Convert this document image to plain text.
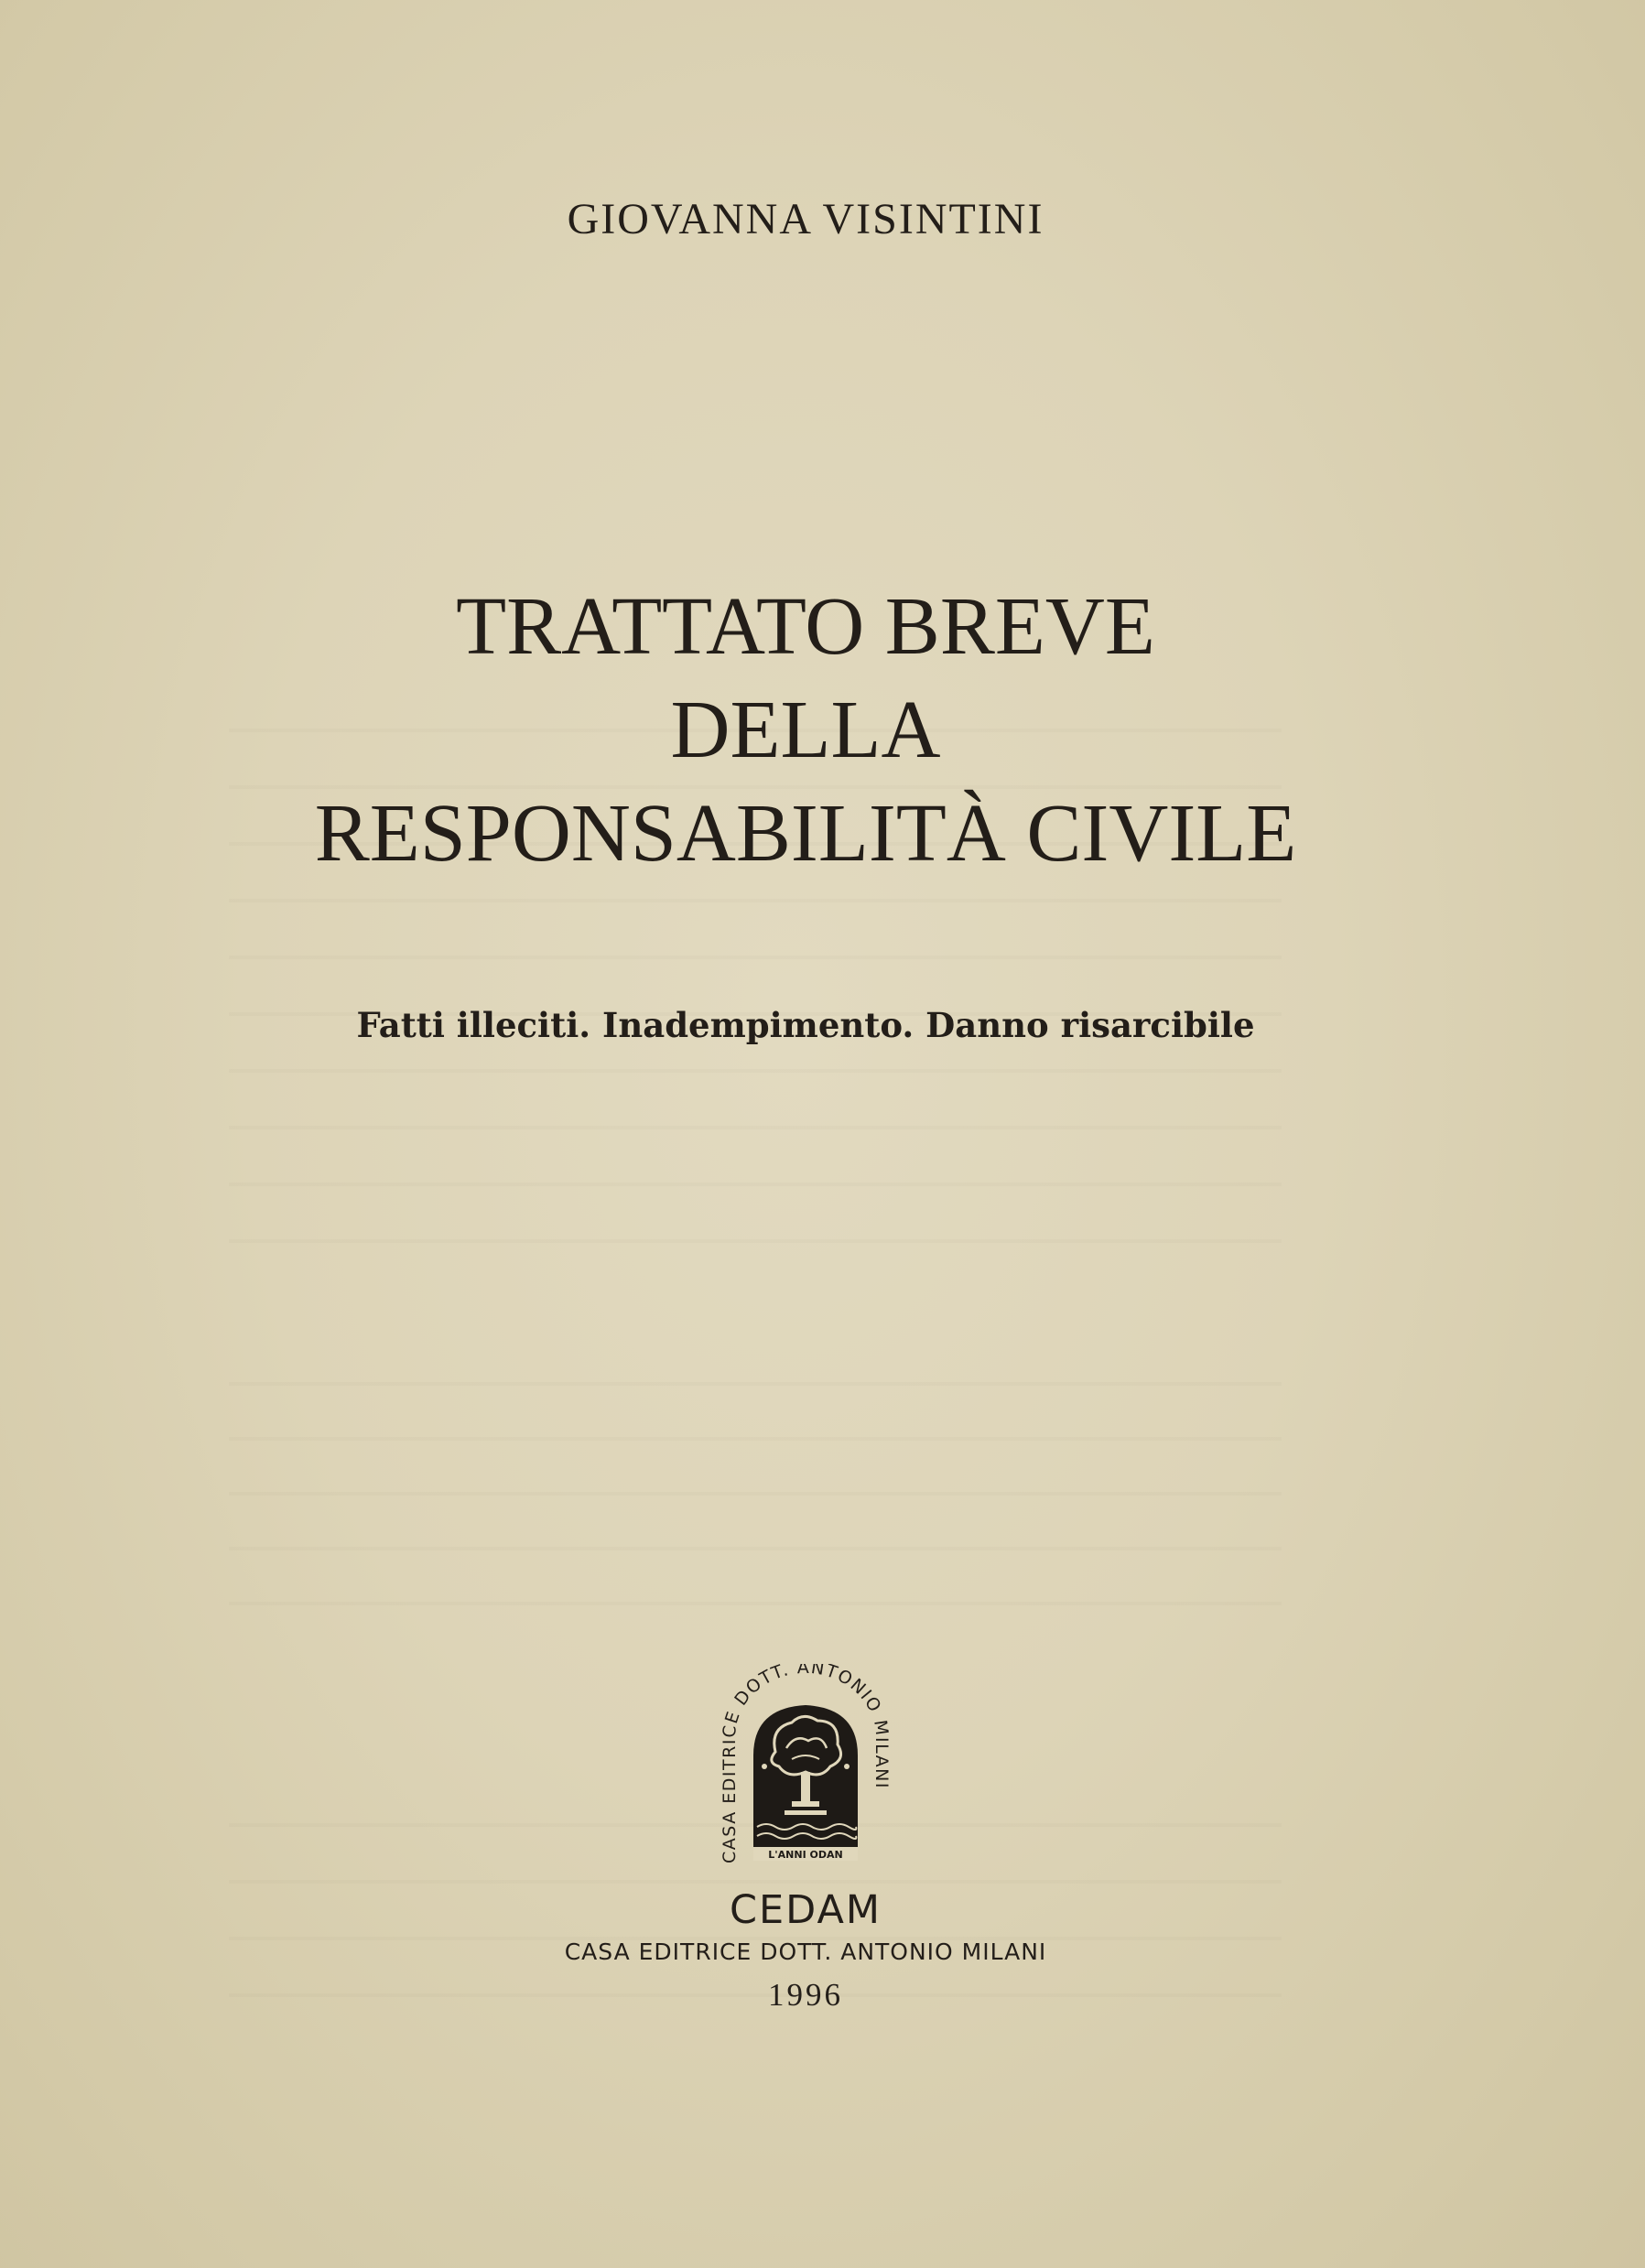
GIOVANNA VISINTINI
TRATTATO BREVE
DELLA
RESPONSABILITÀ CIVILE
Fatti illeciti. Inadempimento. Danno risarcibile
CASA EDITRICE DOTT. ANTONIO MILANI
L'ANNI ODAN
CEDAM
CASA EDITRICE DOTT. ANTONIO MILANI
1996
